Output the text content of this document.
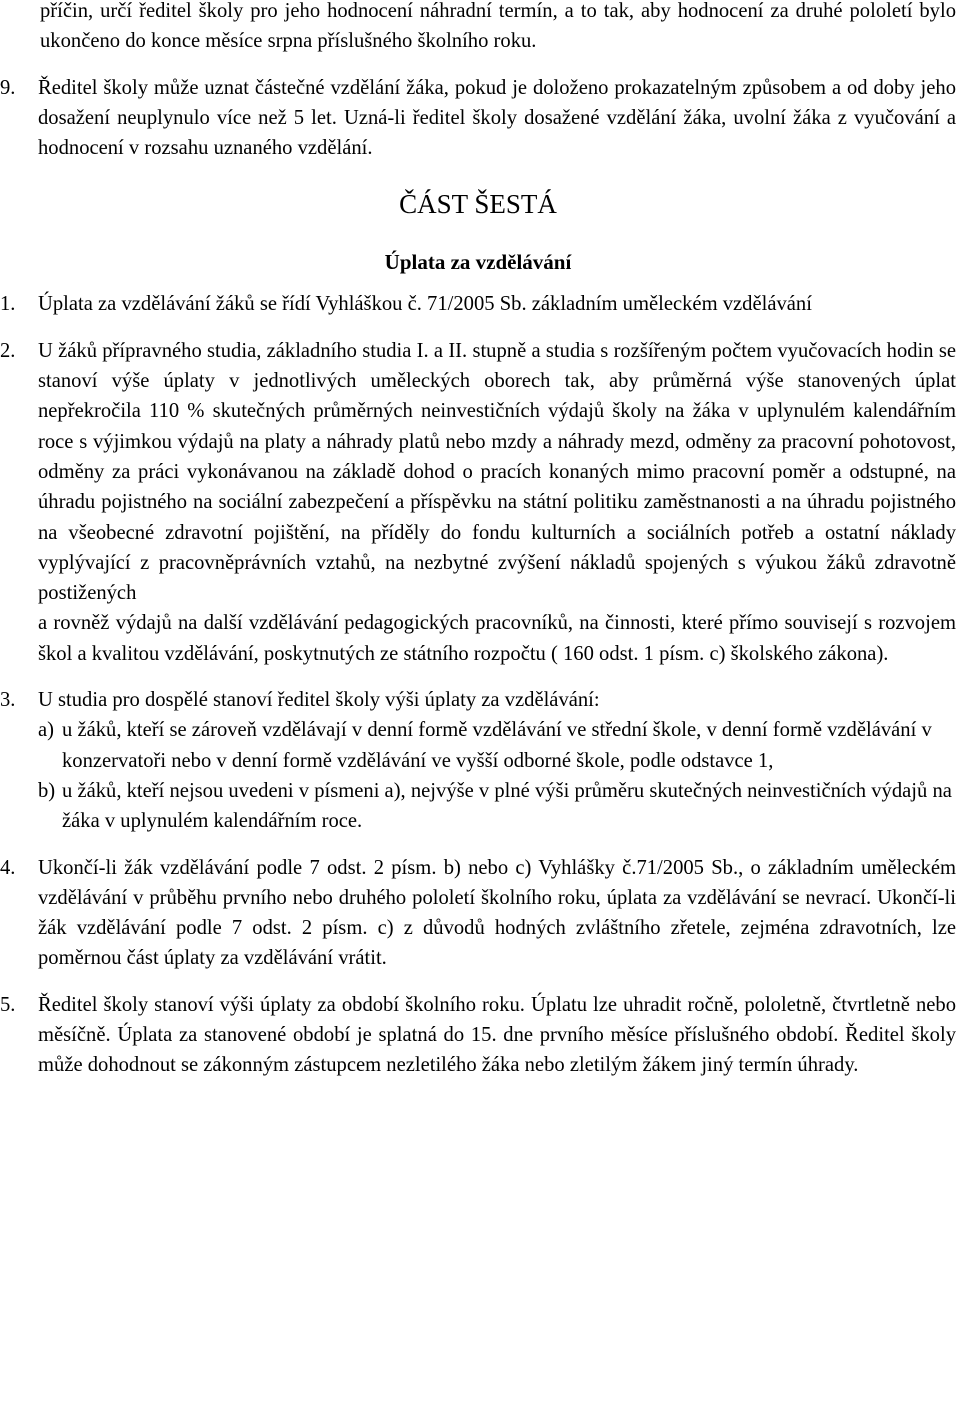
příčin, určí ředitel školy pro jeho hodnocení náhradní termín, a to tak, aby hodnocení za druhé pololetí bylo ukončeno do konce měsíce srpna příslušného školního roku.

9.	Ředitel školy může uznat částečné vzdělání žáka, pokud je doloženo prokazatelným způsobem a od doby jeho dosažení neuplynulo více než 5 let. Uzná-li ředitel školy dosažené vzdělání žáka, uvolní žáka z vyučování a hodnocení v rozsahu uznaného vzdělání.

ČÁST ŠESTÁ
Úplata za vzdělávání
1.	Úplata za vzdělávání žáků se řídí Vyhláškou č. 71/2005 Sb. základním uměleckém vzdělávání

2.	U žáků přípravného studia, základního studia I. a II. stupně a studia s rozšířeným počtem vyučovacích hodin se stanoví výše úplaty v jednotlivých uměleckých oborech tak, aby průměrná výše stanovených úplat nepřekročila 110 % skutečných průměrných neinvestičních výdajů školy na žáka v uplynulém kalendářním roce s výjimkou výdajů na platy a náhrady platů nebo mzdy a náhrady mezd, odměny za pracovní pohotovost, odměny za práci vykonávanou na základě dohod o pracích konaných mimo pracovní poměr a odstupné, na úhradu pojistného na sociální zabezpečení a příspěvku na státní politiku zaměstnanosti a na úhradu pojistného na všeobecné zdravotní pojištění, na příděly do fondu kulturních a sociálních potřeb a ostatní náklady vyplývající z pracovněprávních vztahů, na nezbytné zvýšení nákladů spojených s výukou žáků zdravotně postižených

a rovněž výdajů na další vzdělávání pedagogických pracovníků, na činnosti, které přímo souvisejí s rozvojem škol a kvalitou vzdělávání, poskytnutých ze státního rozpočtu ( 160 odst. 1 písm. c) školského zákona).

3.	U studia pro dospělé stanoví ředitel školy výši úplaty za vzdělávání:

a) u žáků, kteří se zároveň vzdělávají v denní formě vzdělávání ve střední škole, v denní formě vzdělávání v konzervatoři nebo v denní formě vzdělávání ve vyšší odborné škole, podle odstavce 1,

b) u žáků, kteří nejsou uvedeni v písmeni a), nejvýše v plné výši průměru skutečných neinvestičních výdajů na žáka v uplynulém kalendářním roce.

4.	Ukončí-li žák vzdělávání podle 7 odst. 2 písm. b) nebo c) Vyhlášky č.71/2005 Sb., o základním uměleckém vzdělávání v průběhu prvního nebo druhého pololetí školního roku, úplata za vzdělávání se nevrací. Ukončí-li žák vzdělávání podle 7 odst. 2 písm. c) z důvodů hodných zvláštního zřetele, zejména zdravotních, lze poměrnou část úplaty za vzdělávání vrátit.

5.	Ředitel školy stanoví výši úplaty za období školního roku. Úplatu lze uhradit ročně, pololetně, čtvrtletně nebo měsíčně. Úplata za stanovené období je splatná do 15. dne prvního měsíce příslušného období. Ředitel školy může dohodnout se zákonným zástupcem nezletilého žáka nebo zletilým žákem jiný termín úhrady.
